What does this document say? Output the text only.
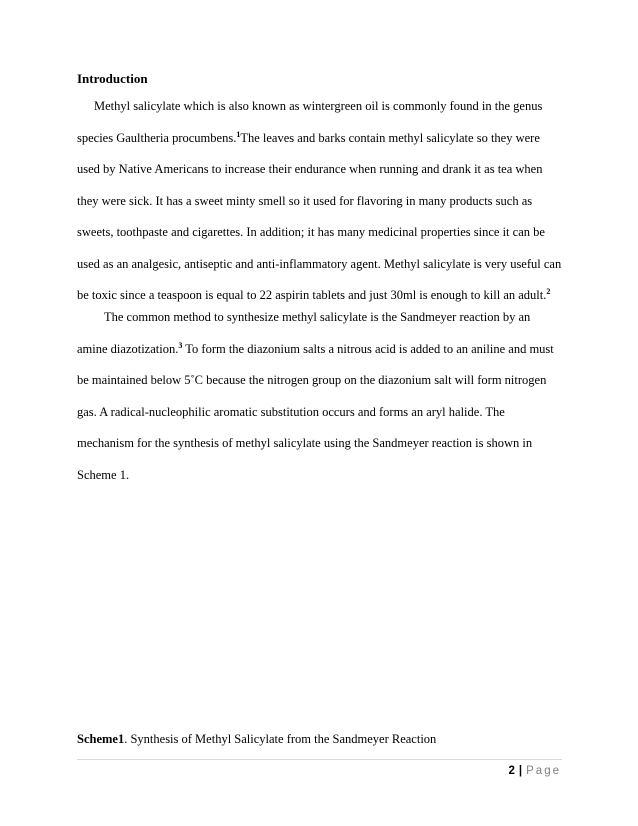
Introduction

Methyl salicylate which is also known as wintergreen oil is commonly found in the genus
species Gaultheria procumbens.$^1$The leaves and barks contain methyl salicylate so they were
used by Native Americans to increase their endurance when running and drank it as tea when
they were sick. It has a sweet minty smell so it used for flavoring in many products such as
sweets, toothpaste and cigarettes. In addition; it has many medicinal properties since it can be
used as an analgesic, antiseptic and anti-inflammatory agent. Methyl salicylate is very useful can
be toxic since a teaspoon is equal to 22 aspirin tablets and just 30ml is enough to kill an adult.$^2$

The common method to synthesize methyl salicylate is the Sandmeyer reaction by an
amine diazotization.$^3$ To form the diazonium salts a nitrous acid is added to an aniline and must
be maintained below 5˚C because the nitrogen group on the diazonium salt will form nitrogen
gas. A radical-nucleophilic aromatic substitution occurs and forms an aryl halide. The
mechanism for the synthesis of methyl salicylate using the Sandmeyer reaction is shown in
Scheme 1.

Scheme1. Synthesis of Methyl Salicylate from the Sandmeyer Reaction
2 | Page
